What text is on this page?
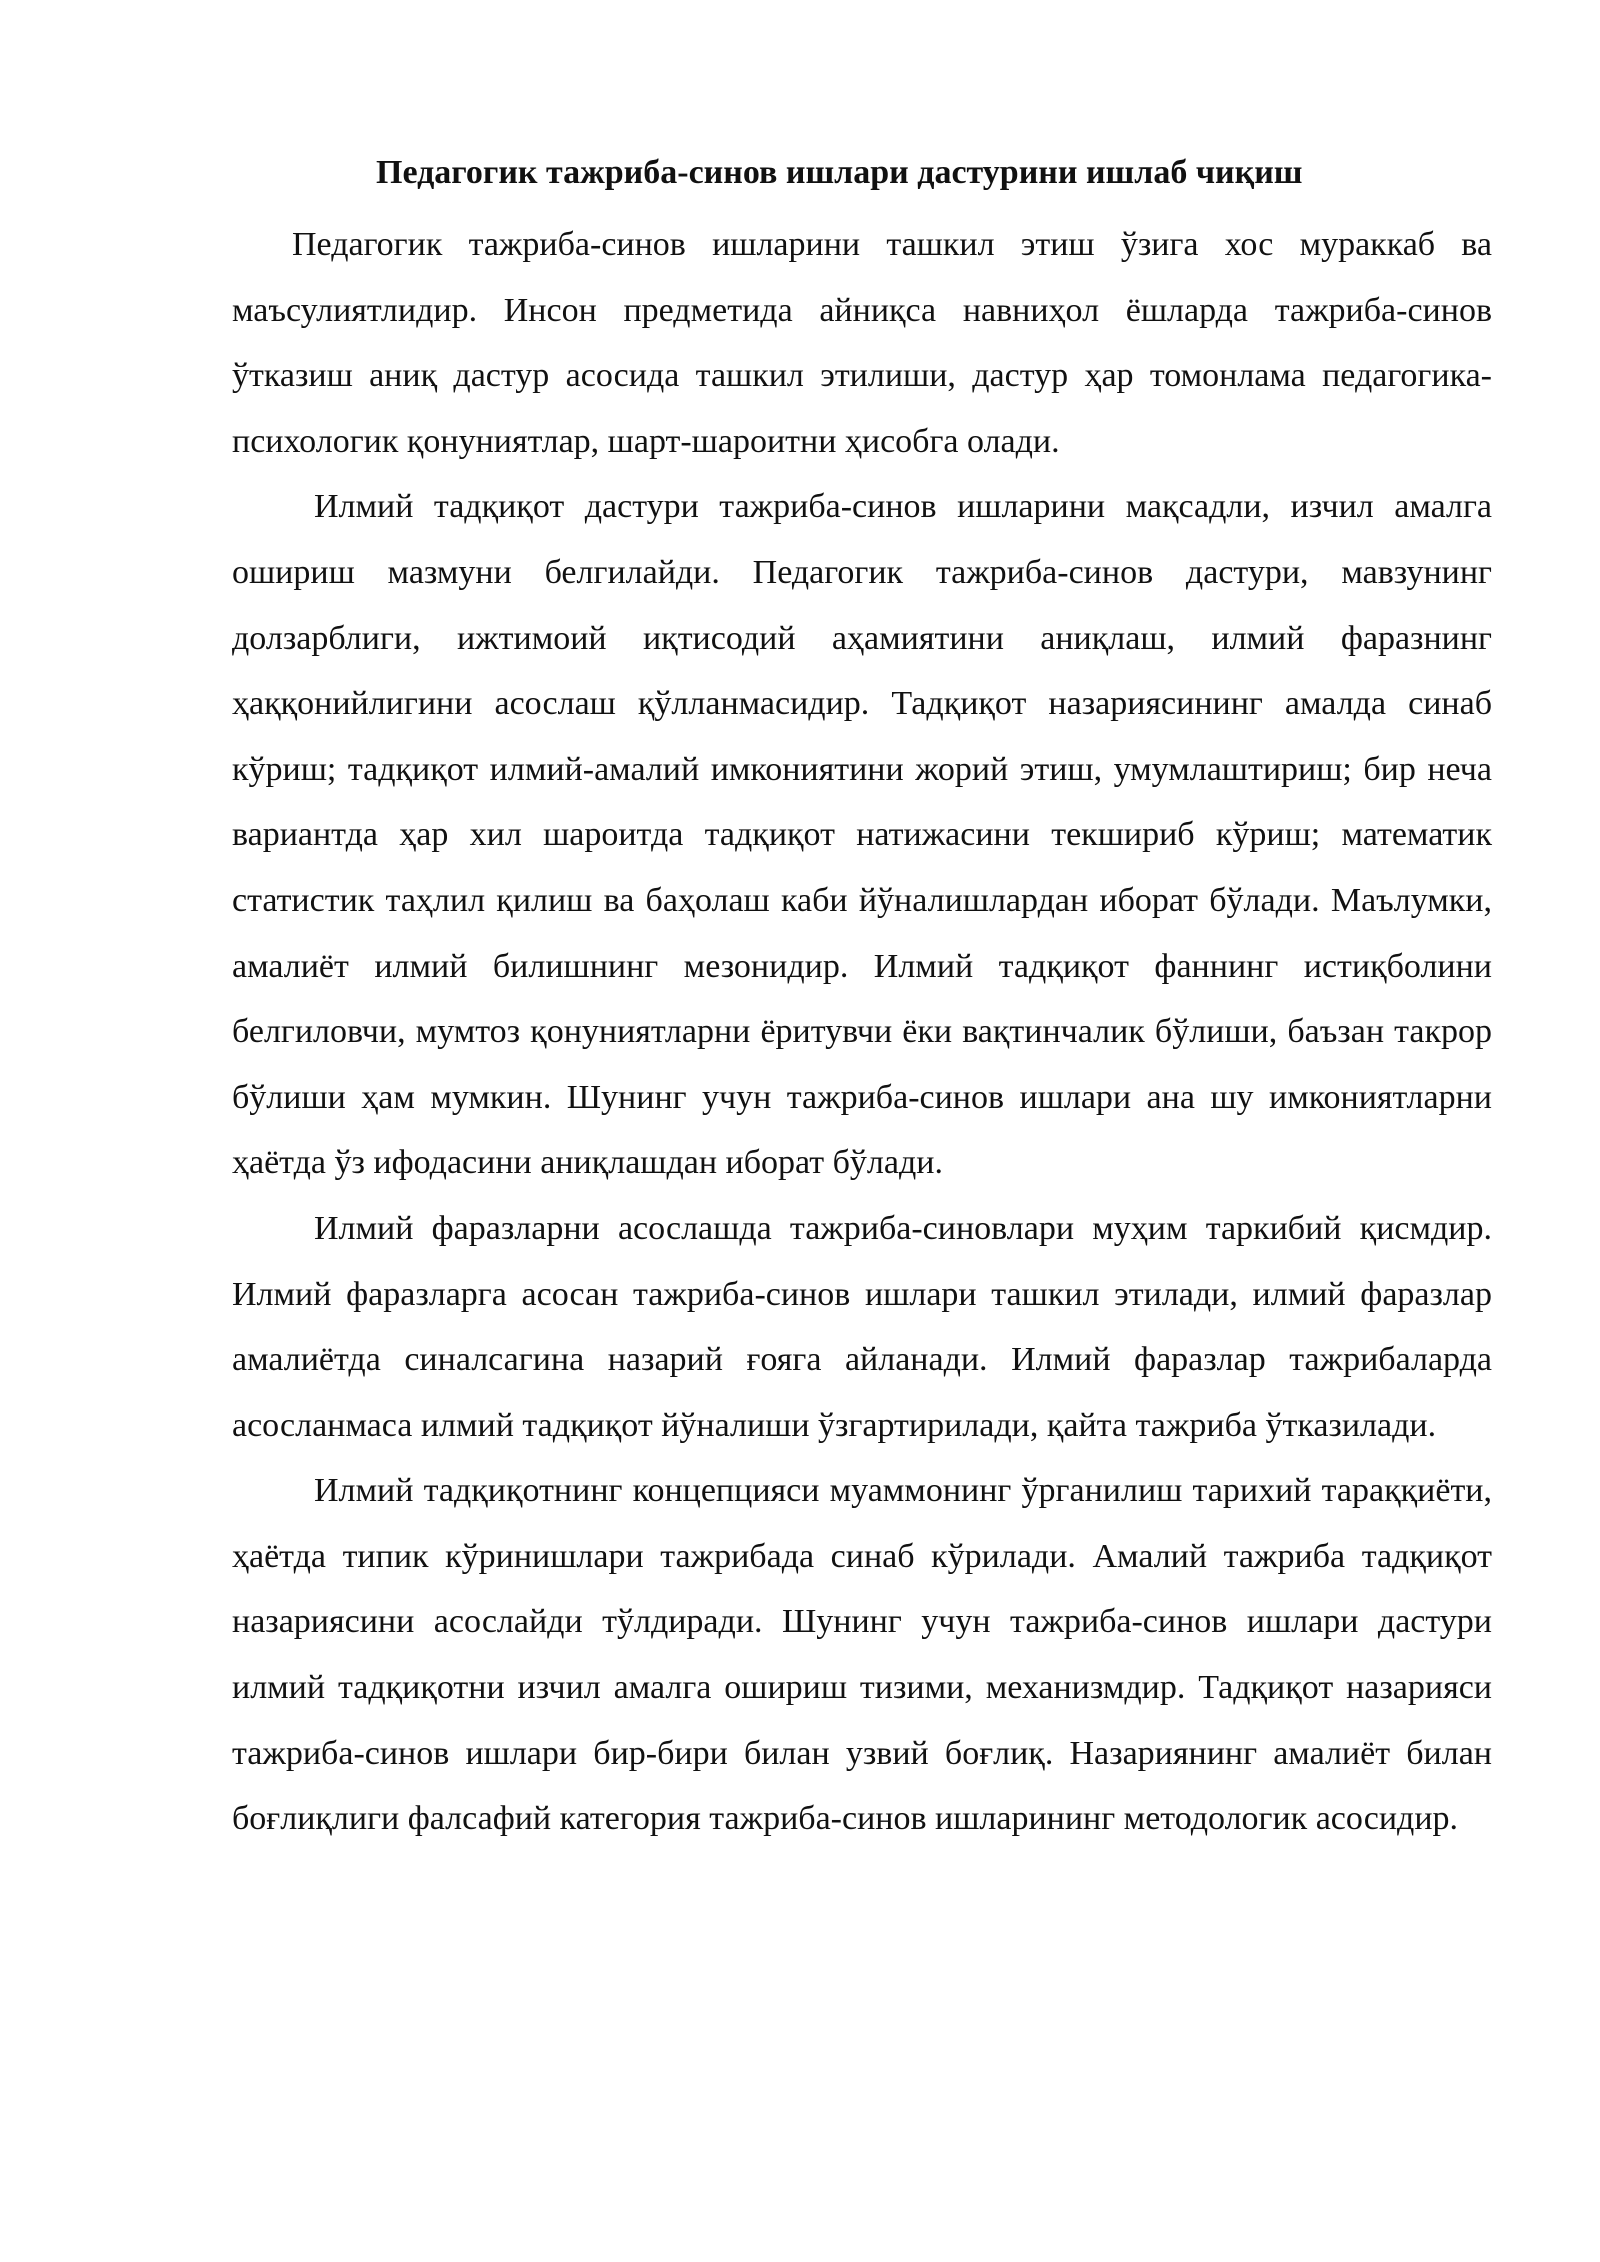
Педагогик тажриба-синов ишлари дастурини ишлаб чиқиш

Педагогик тажриба-синов ишларини ташкил этиш ўзига хос мураккаб ва маъсулиятлидир. Инсон предметида айниқса навниҳол ёшларда тажриба-синов ўтказиш аниқ дастур асосида ташкил этилиши, дастур ҳар томонлама педагогика-психологик қонуниятлар, шарт-шароитни ҳисобга олади.

Илмий тадқиқот дастури тажриба-синов ишларини мақсадли, изчил амалга ошириш мазмуни белгилайди. Педагогик тажриба-синов дастури, мавзунинг долзарблиги, ижтимоий иқтисодий аҳамиятини аниқлаш, илмий фаразнинг ҳаққонийлигини асослаш қўлланмасидир. Тадқиқот назариясининг амалда синаб кўриш; тадқиқот илмий-амалий имкониятини жорий этиш, умумлаштириш; бир неча вариантда ҳар хил шароитда тадқиқот натижасини текшириб кўриш; математик статистик таҳлил қилиш ва баҳолаш каби йўналишлардан иборат бўлади. Маълумки, амалиёт илмий билишнинг мезонидир. Илмий тадқиқот фаннинг истиқболини белгиловчи, мумтоз қонуниятларни ёритувчи ёки вақтинчалик бўлиши, баъзан такрор бўлиши ҳам мумкин. Шунинг учун тажриба-синов ишлари ана шу имкониятларни ҳаётда ўз ифодасини аниқлашдан иборат бўлади.

Илмий фаразларни асослашда тажриба-синовлари муҳим таркибий қисмдир. Илмий фаразларга асосан тажриба-синов ишлари ташкил этилади, илмий фаразлар амалиётда синалсагина назарий ғояга айланади. Илмий фаразлар тажрибаларда асосланмаса илмий тадқиқот йўналиши ўзгартирилади, қайта тажриба ўтказилади.

Илмий тадқиқотнинг концепцияси муаммонинг ўрганилиш тарихий тараққиёти, ҳаётда типик кўринишлари тажрибада синаб кўрилади. Амалий тажриба тадқиқот назариясини асослайди тўлдиради. Шунинг учун тажриба-синов ишлари дастури илмий тадқиқотни изчил амалга ошириш тизими, механизмдир. Тадқиқот назарияси тажриба-синов ишлари бир-бири билан узвий боғлиқ. Назариянинг амалиёт билан боғлиқлиги фалсафий категория тажриба-синов ишларининг методологик асосидир.
